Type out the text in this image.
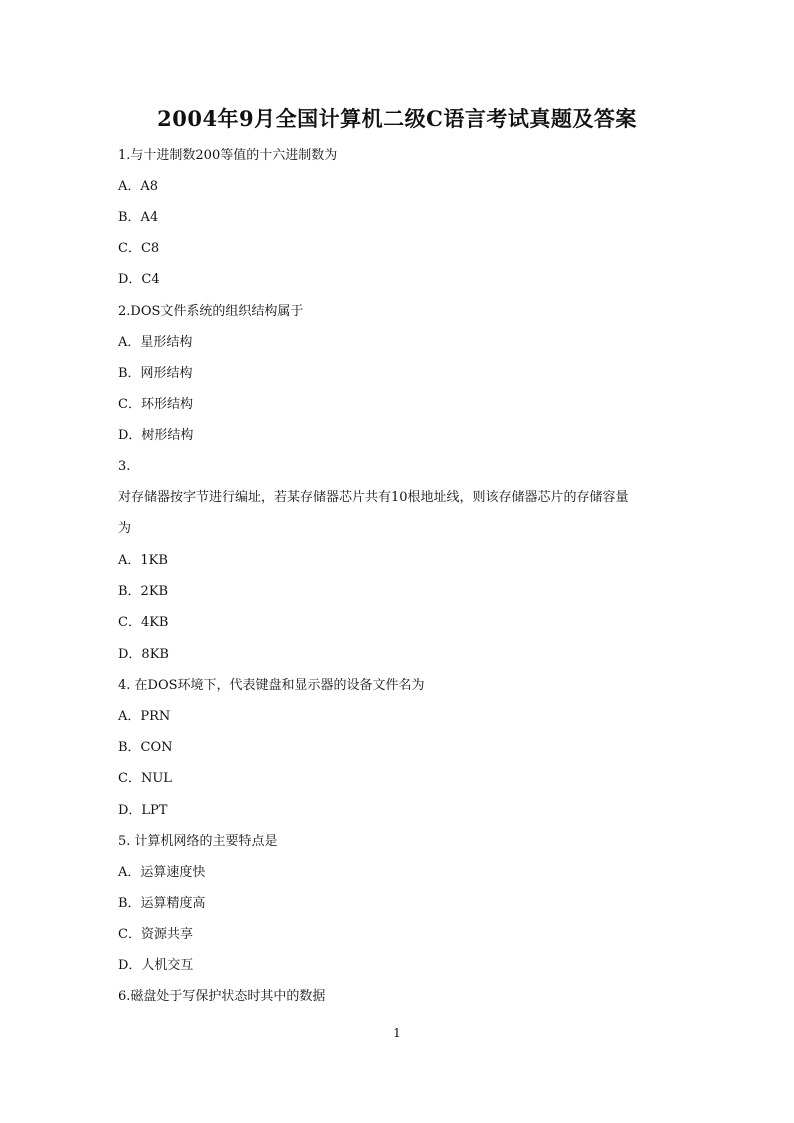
2004年9月全国计算机二级C语言考试真题及答案
1.与十进制数200等值的十六进制数为
A．A8
B．A4
C．C8
D．C4
2.DOS文件系统的组织结构属于
A．星形结构
B．网形结构
C．环形结构
D．树形结构
3.
对存储器按字节进行编址，若某存储器芯片共有10根地址线，则该存储器芯片的存储容量
为
A．1KB
B．2KB
C．4KB
D．8KB
4. 在DOS环境下，代表键盘和显示器的设备文件名为
A．PRN
B．CON
C．NUL
D．LPT
5. 计算机网络的主要特点是
A．运算速度快
B．运算精度高
C．资源共享
D．人机交互
6.磁盘处于写保护状态时其中的数据
1
